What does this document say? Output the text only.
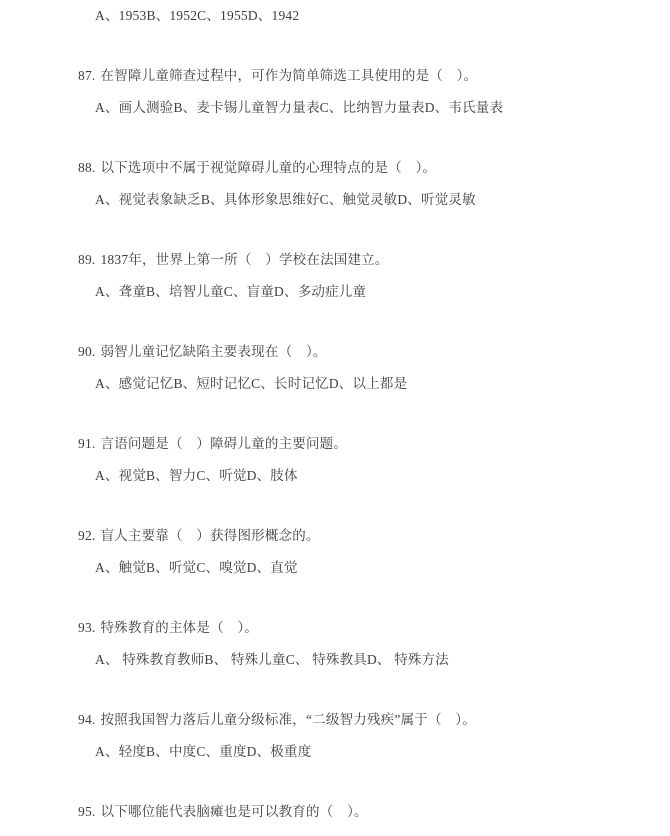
A、1953B、1952C、1955D、1942
87. 在智障儿童筛查过程中，可作为简单筛选工具使用的是（　）。
A、画人测验B、麦卡锡儿童智力量表C、比纳智力量表D、韦氏量表
88. 以下选项中不属于视觉障碍儿童的心理特点的是（　）。
A、视觉表象缺乏B、具体形象思维好C、触觉灵敏D、听觉灵敏
89. 1837年，世界上第一所（　）学校在法国建立。
A、聋童B、培智儿童C、盲童D、多动症儿童
90. 弱智儿童记忆缺陷主要表现在（　）。
A、感觉记忆B、短时记忆C、长时记忆D、以上都是
91. 言语问题是（　）障碍儿童的主要问题。
A、视觉B、智力C、听觉D、肢体
92. 盲人主要靠（　）获得图形概念的。
A、触觉B、听觉C、嗅觉D、直觉
93. 特殊教育的主体是（　）。
A、 特殊教育教师B、 特殊儿童C、 特殊教具D、 特殊方法
94. 按照我国智力落后儿童分级标准，“二级智力残疾”属于（　）。
A、轻度B、中度C、重度D、极重度
95. 以下哪位能代表脑瘫也是可以教育的（　）。
